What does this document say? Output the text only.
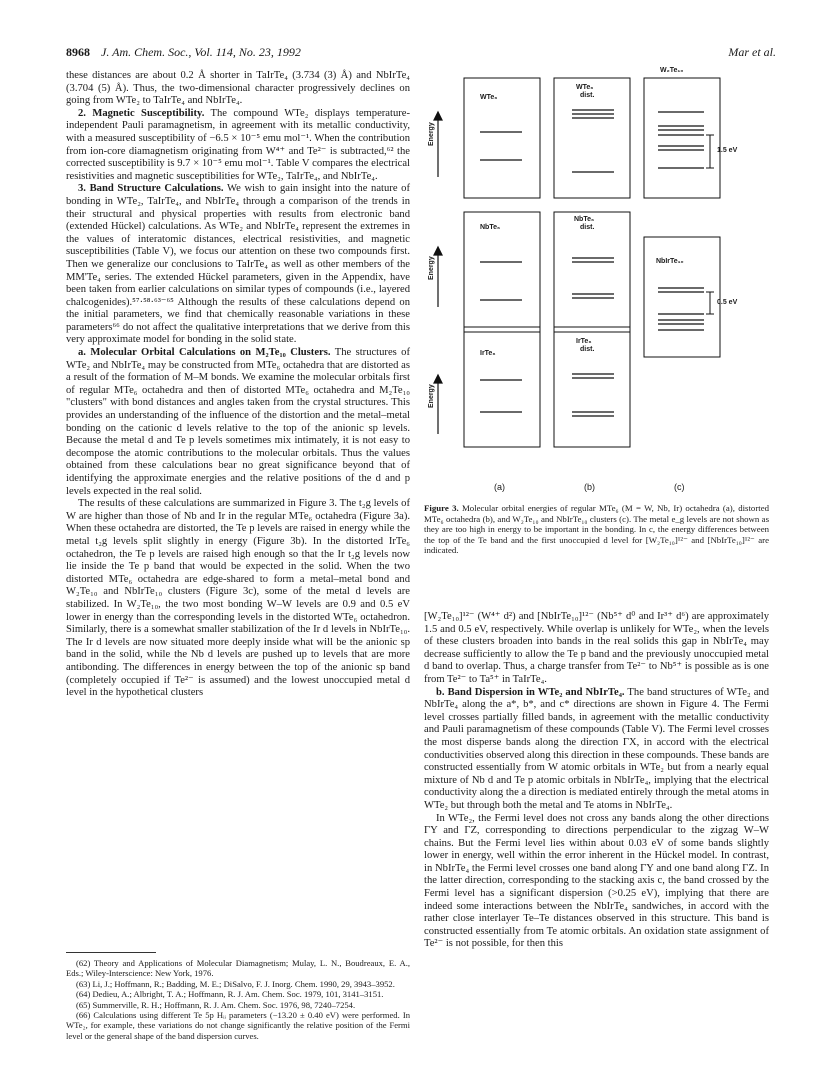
8968 J. Am. Chem. Soc., Vol. 114, No. 23, 1992	Mar et al.

these distances are about 0.2 Å shorter in TaIrTe₄ (3.734 (3) Å) and NbIrTe₄ (3.704 (5) Å). Thus, the two-dimensional character progressively declines on going from WTe₂ to TaIrTe₄ and NbIrTe₄.

2. Magnetic Susceptibility. The compound WTe₂ displays temperature-independent Pauli paramagnetism, in agreement with its metallic conductivity, with a measured susceptibility of −6.5 × 10⁻⁵ emu mol⁻¹. When the contribution from ion-core diamagnetism originating from W⁴⁺ and Te²⁻ is subtracted,⁶² the corrected susceptibility is 9.7 × 10⁻⁵ emu mol⁻¹. Table V compares the electrical resistivities and magnetic susceptibilities for WTe₂, TaIrTe₄, and NbIrTe₄.

3. Band Structure Calculations. We wish to gain insight into the nature of bonding in WTe₂, TaIrTe₄, and NbIrTe₄ through a comparison of the trends in their structural and physical properties with results from electronic band (extended Hückel) calculations. As WTe₂ and NbIrTe₄ represent the extremes in the values of interatomic distances, electrical resistivities, and magnetic susceptibilities (Table V), we focus our attention on these two compounds first. Then we generalize our conclusions to TaIrTe₄ as well as other members of the MM'Te₄ series. The extended Hückel parameters, given in the Appendix, have been taken from earlier calculations on similar types of compounds (i.e., layered chalcogenides).⁵⁷·⁵⁸·⁶³⁻⁶⁵ Although the results of these calculations depend on the initial parameters, we find that chemically reasonable variations in these parameters⁶⁶ do not affect the qualitative interpretations that we derive from this very approximate model for bonding in the solid state.

a. Molecular Orbital Calculations on M₂Te₁₀ Clusters. The structures of WTe₂ and NbIrTe₄ may be constructed from MTe₆ octahedra that are distorted as a result of the formation of M–M bonds. We examine the molecular orbitals first of regular MTe₆ octahedra and then of distorted MTe₆ octahedra and M₂Te₁₀ "clusters" with bond distances and angles taken from the crystal structures. This provides an understanding of the influence of the distortion and the metal–metal bonding on the cationic d levels relative to the top of the anionic sp levels. Because the metal d and Te p levels sometimes mix intimately, it is not easy to decompose the atomic contributions to the molecular orbitals. Thus the values obtained from these calculations bear no great significance beyond that of identifying the approximate energies and the relative positions of the d and p levels expected in the real solid.

The results of these calculations are summarized in Figure 3. The t₂g levels of W are higher than those of Nb and Ir in the regular MTe₆ octahedra (Figure 3a). When these octahedra are distorted, the Te p levels are raised in energy while the metal t₂g levels split slightly in energy (Figure 3b). In the distorted IrTe₆ octahedron, the Te p levels are raised high enough so that the Ir t₂g levels now lie inside the Te p band that would be expected in the solid. When the two distorted MTe₆ octahedra are edge-shared to form a metal–metal bond and W₂Te₁₀ and NbIrTe₁₀ clusters (Figure 3c), some of the metal d levels are stabilized. In W₂Te₁₀, the two most bonding W–W levels are 0.9 and 0.5 eV lower in energy than the corresponding levels in the distorted WTe₆ octahedron. Similarly, there is a somewhat smaller stabilization of the Ir d levels in NbIrTe₁₀. The Ir d levels are now situated more deeply inside what will be the anionic sp band in the solid, while the Nb d levels are pushed up to levels that are more antibonding. The differences in energy between the top of the anionic sp band (completely occupied if Te²⁻ is assumed) and the lowest unoccupied metal d level in the hypothetical clusters

(62) Theory and Applications of Molecular Diamagnetism; Mulay, L. N., Boudreaux, E. A., Eds.; Wiley-Interscience: New York, 1976.

(63) Li, J.; Hoffmann, R.; Badding, M. E.; DiSalvo, F. J. Inorg. Chem. 1990, 29, 3943–3952.

(64) Dedieu, A.; Albright, T. A.; Hoffmann, R. J. Am. Chem. Soc. 1979, 101, 3141–3151.

(65) Summerville, R. H.; Hoffmann, R. J. Am. Chem. Soc. 1976, 98, 7240–7254.

(66) Calculations using different Te 5p Hᵢᵢ parameters (−13.20 ± 0.40 eV) were performed. In WTe₂, for example, these variations do not change significantly the relative position of the Fermi level or the general shape of the band dispersion curves.

Energy
Energy
Energy
WTe₆
WTe₆
dist.
W₂Te₁₀
1.5 eV
NbTe₆
NbTe₆
dist.
NbIrTe₁₀
0.5 eV
IrTe₆
IrTe₆
dist.
(a)	(b)	(c)
Figure 3. Molecular orbital energies of regular MTe₆ (M = W, Nb, Ir) octahedra (a), distorted MTe₆ octahedra (b), and W₂Te₁₀ and NbIrTe₁₀ clusters (c). The metal e_g levels are not shown as they are too high in energy to be important in the bonding. In c, the energy differences between the top of the Te band and the first unoccupied d level for [W₂Te₁₀]¹²⁻ and [NbIrTe₁₀]¹²⁻ are indicated.

[W₂Te₁₀]¹²⁻ (W⁴⁺ d²) and [NbIrTe₁₀]¹²⁻ (Nb⁵⁺ d⁰ and Ir³⁺ d⁶) are approximately 1.5 and 0.5 eV, respectively. While overlap is unlikely for WTe₂, when the levels of these clusters broaden into bands in the real solids this gap in NbIrTe₄ may decrease sufficiently to allow the Te p band and the previously unoccupied metal d band to overlap. Thus, a charge transfer from Te²⁻ to Nb⁵⁺ is possible as is one from Te²⁻ to Ta⁵⁺ in TaIrTe₄.

b. Band Dispersion in WTe₂ and NbIrTe₄. The band structures of WTe₂ and NbIrTe₄ along the a*, b*, and c* directions are shown in Figure 4. The Fermi level crosses partially filled bands, in agreement with the metallic conductivity and Pauli paramagnetism of these compounds (Table V). The Fermi level crosses the most disperse bands along the direction ΓX, in accord with the electrical conductivities observed along this direction in these compounds. These bands are constructed essentially from W atomic orbitals in WTe₂ but from a nearly equal mixture of Nb d and Te p atomic orbitals in NbIrTe₄, implying that the electrical conductivity along the a direction is mediated entirely through the metal atoms in WTe₂ but through both the metal and Te atoms in NbIrTe₄.

In WTe₂, the Fermi level does not cross any bands along the other directions ΓY and ΓZ, corresponding to directions perpendicular to the zigzag W–W chains. But the Fermi level lies within about 0.03 eV of some bands slightly lower in energy, well within the error inherent in the Hückel model. In contrast, in NbIrTe₄ the Fermi level crosses one band along ΓY and one band along ΓZ. In the latter direction, corresponding to the stacking axis c, the band crossed by the Fermi level has a significant dispersion (>0.25 eV), implying that there are indeed some interactions between the NbIrTe₄ sandwiches, in accord with the rather close interlayer Te–Te distances observed in this structure. This band is constructed essentially from Te atomic orbitals. An oxidation state assignment of Te²⁻ is not possible, for then this
